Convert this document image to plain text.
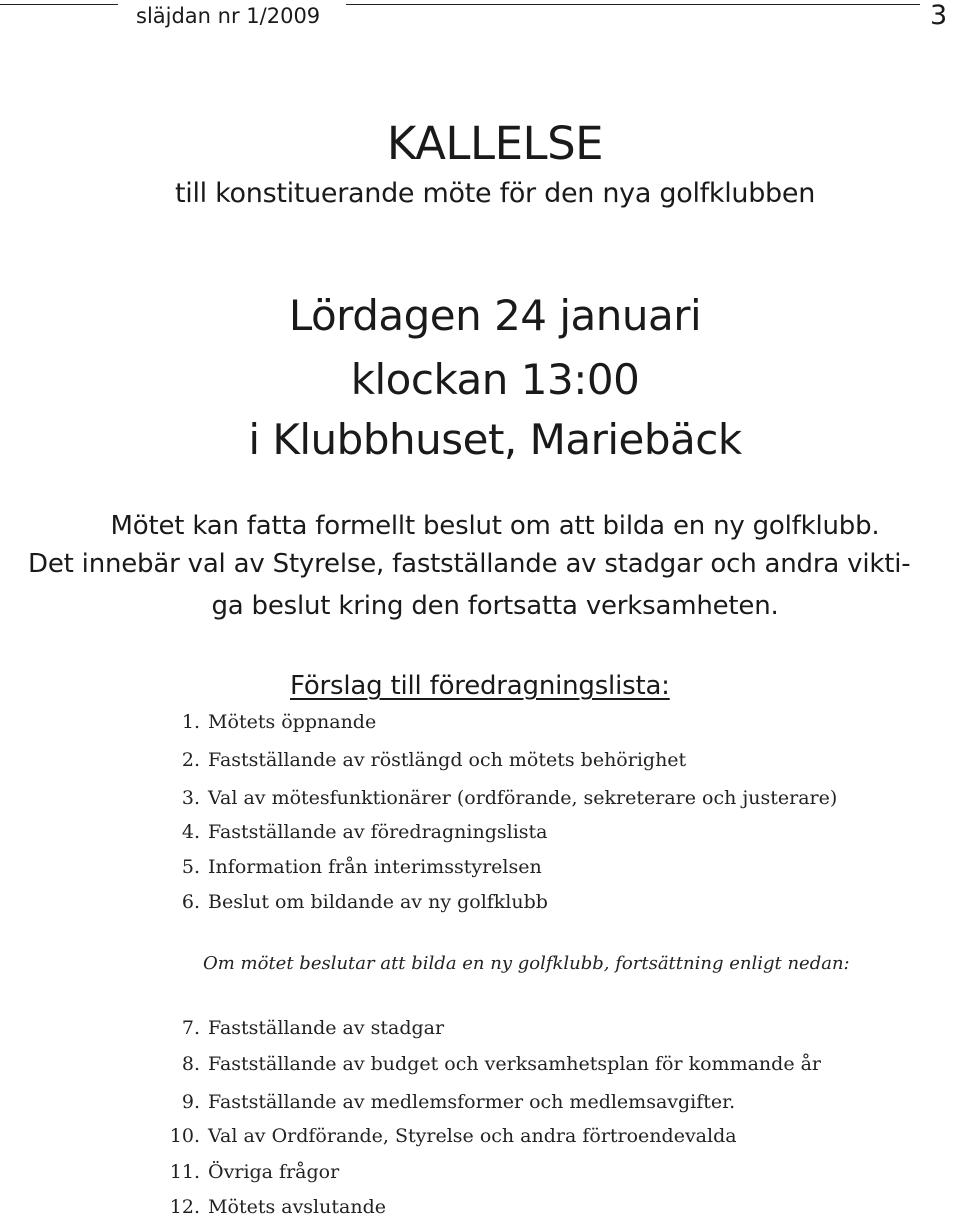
släjdan nr 1/2009	3
KALLELSE
till konstituerande möte för den nya golfklubben
Lördagen 24 januari
klockan 13:00
i Klubbhuset, Mariebäck
Mötet kan fatta formellt beslut om att bilda en ny golfklubb.
Det innebär val av Styrelse, fastställande av stadgar och andra vikti-
ga beslut kring den fortsatta verksamheten.
Förslag till föredragningslista:
1. Mötets öppnande
2. Fastställande av röstlängd och mötets behörighet
3. Val av mötesfunktionärer (ordförande, sekreterare och justerare)
4. Fastställande av föredragningslista
5. Information från interimsstyrelsen
6. Beslut om bildande av ny golfklubb
Om mötet beslutar att bilda en ny golfklubb, fortsättning enligt nedan:
7. Fastställande av stadgar
8. Fastställande av budget och verksamhetsplan för kommande år
9. Fastställande av medlemsformer och medlemsavgifter.
10. Val av Ordförande, Styrelse och andra förtroendevalda
11. Övriga frågor
12. Mötets avslutande
